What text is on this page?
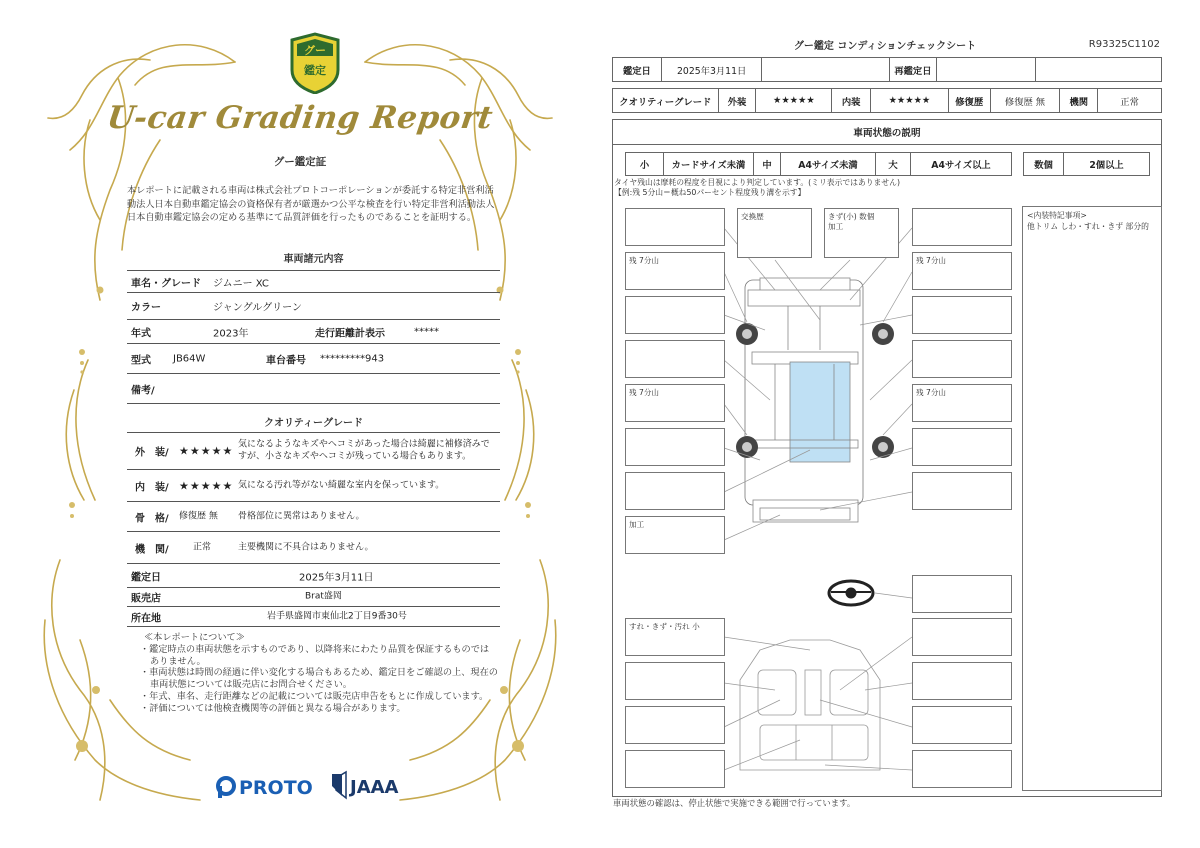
グー
鑑定
U-car Grading Report
グー鑑定証
本レポートに記載される車両は株式会社プロトコーポレーションが委託する特定非営利活動法人日本自動車鑑定協会の資格保有者が厳選かつ公平な検査を行い特定非営利活動法人日本自動車鑑定協会の定める基準にて品質評価を行ったものであることを証明する。
車両諸元内容
車名・グレード ジムニー XC
カラー	ジャングルグリーン
年式	2023年	走行距離計表示	*****
型式 JB64W	車台番号 *********943
備考/
クオリティーグレード
外　装/ ★★★★★ 気になるようなキズやヘコミがあった場合は綺麗に補修済みですが、小さなキズやヘコミが残っている場合もあります。
内　装/ ★★★★★ 気になる汚れ等がない綺麗な室内を保っています。
骨　格/ 修復歴 無 骨格部位に異常はありません。
機　関/	正常	主要機関に不具合はありません。
鑑定日	2025年3月11日
販売店	Brat盛岡
所在地	岩手県盛岡市東仙北2丁目9番30号
≪本レポートについて≫
・鑑定時点の車両状態を示すものであり、以降将来にわたり品質を保証するものではありません。
・車両状態は時間の経過に伴い変化する場合もあるため、鑑定日をご確認の上、現在の車両状態については販売店にお問合せください。
・年式、車名、走行距離などの記載については販売店申告をもとに作成しています。
・評価については他検査機関等の評価と異なる場合があります。
PROTO JAAA
グー鑑定 コンディションチェックシート	R93325C1102
鑑定日	2025年3月11日	再鑑定日
クオリティーグレード	外装	★★★★★	内装	★★★★★	修復歴	修復歴 無	機関	正常
車両状態の説明
小	カードサイズ未満	中	A4サイズ未満	大	A4サイズ以上	数個	2個以上
タイヤ残山は摩耗の程度を目視により判定しています。(ミリ表示ではありません)
【例:残 5分山＝概ね50パーセント程度残り溝を示す】
残 7分山
残 7分山
加工
すれ・きず・汚れ 小
交換歴	きず(小) 数個
加工
残 7分山
残 7分山
<内装特記事項>
他トリム しわ・すれ・きず 部分的
車両状態の確認は、停止状態で実施できる範囲で行っています。
